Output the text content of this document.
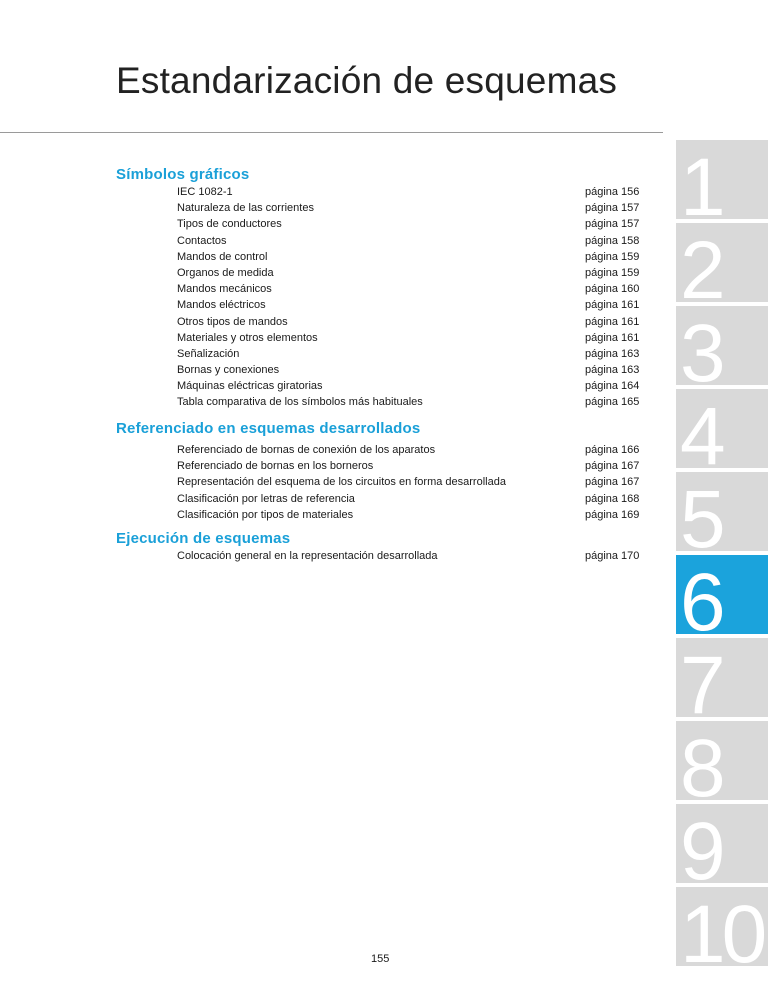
Estandarización de esquemas
Símbolos gráficos
IEC 1082-1	página 156
Naturaleza de las corrientes	página 157
Tipos de conductores	página 157
Contactos	página 158
Mandos de control	página 159
Organos de medida	página 159
Mandos mecánicos	página 160
Mandos eléctricos	página 161
Otros tipos de mandos	página 161
Materiales y otros elementos	página 161
Señalización	página 163
Bornas y conexiones	página 163
Máquinas eléctricas giratorias	página 164
Tabla comparativa de los símbolos más habituales	página 165
Referenciado en esquemas desarrollados
Referenciado de bornas de conexión de los aparatos	página 166
Referenciado de bornas en los borneros	página 167
Representación del esquema de los circuitos en forma desarrollada	página 167
Clasificación por letras de referencia	página 168
Clasificación por tipos de materiales	página 169
Ejecución de esquemas
Colocación general en la representación desarrollada	página 170
1
2
3
4
5
6
7
8
9
10
155
